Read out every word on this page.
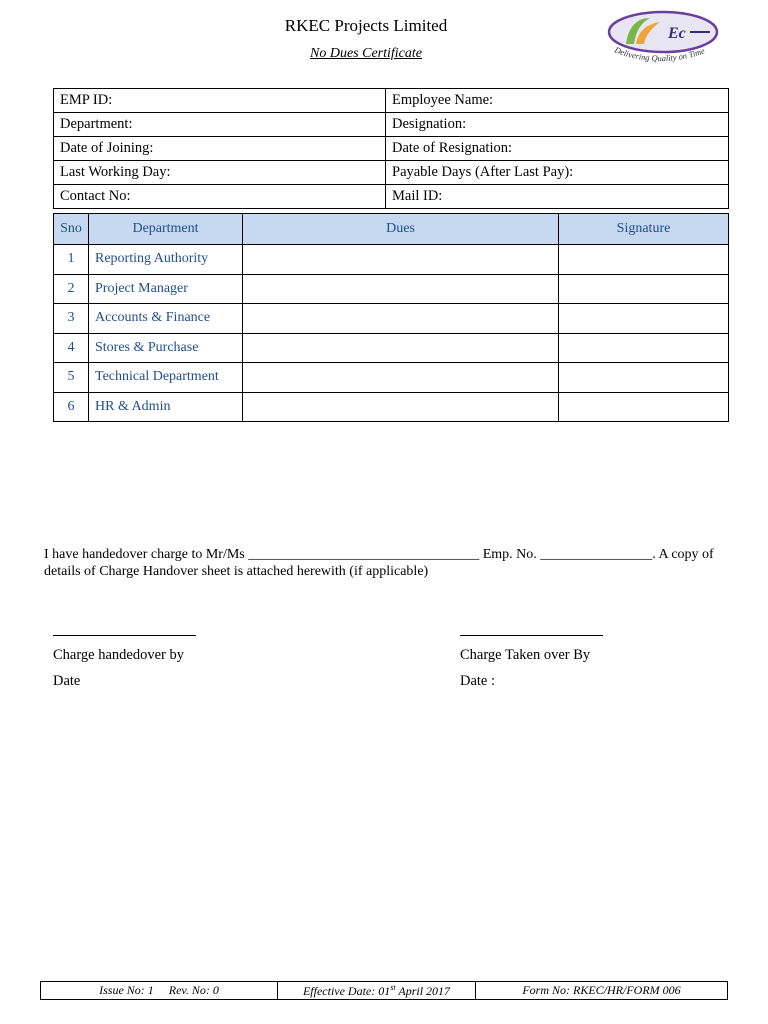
RKEC Projects Limited
No Dues Certificate
Ec
Delivering Quality on Time
EMP ID:	Employee Name:
Department:	Designation:
Date of Joining:	Date of Resignation:
Last Working Day:	Payable Days (After Last Pay):
Contact No:	Mail ID:
Sno	Department	Dues	Signature
1	Reporting Authority		
2	Project Manager		
3	Accounts & Finance		
4	Stores & Purchase		
5	Technical Department		
6	HR & Admin		
I have handedover charge to Mr/Ms _________________________________ Emp. No. ________________. A copy of details of Charge Handover sheet is attached herewith (if applicable)
Charge handedover by
Date
Charge Taken over By
Date :
Issue No: 1     Rev. No: 0	Effective Date: 01st April 2017	Form No: RKEC/HR/FORM 006
